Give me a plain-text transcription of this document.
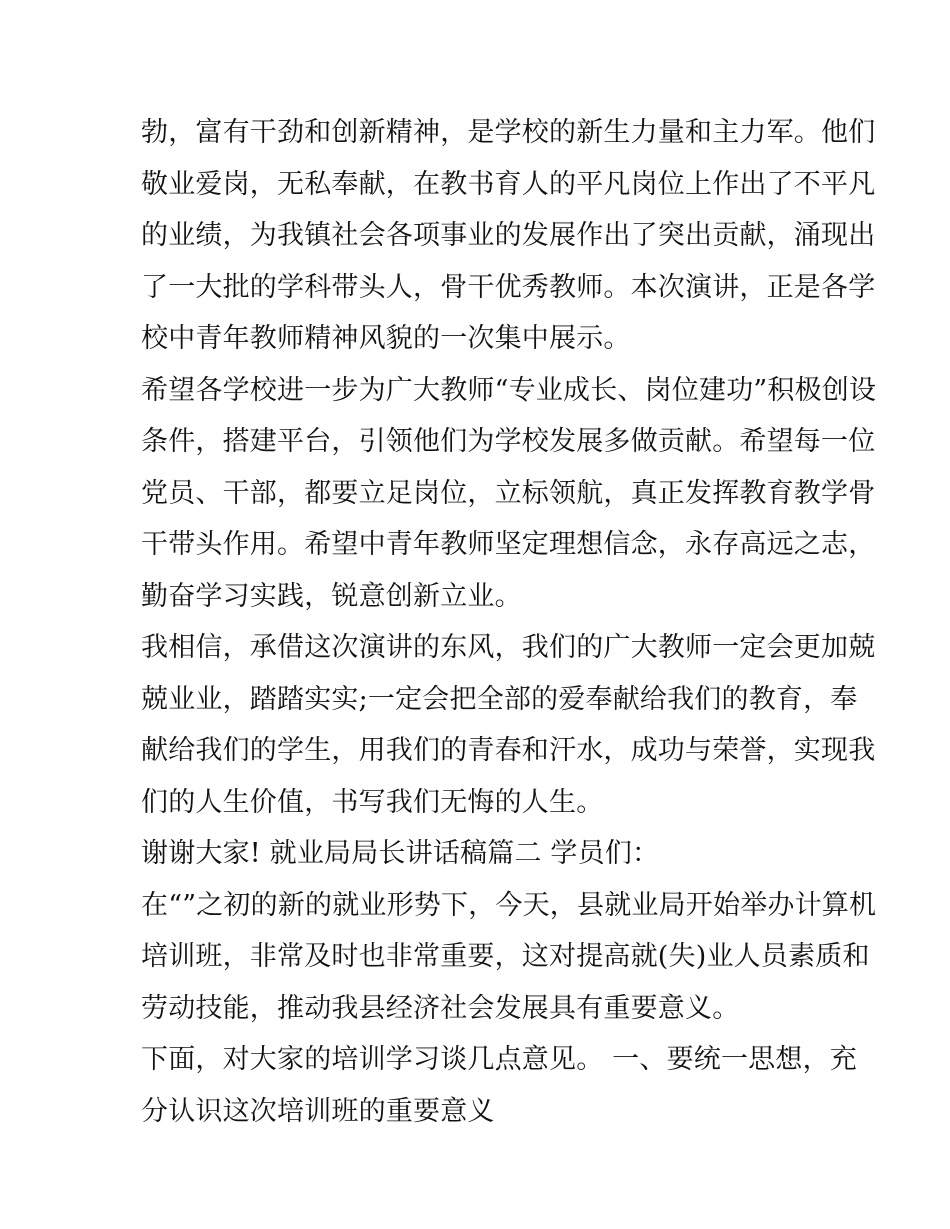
勃，富有干劲和创新精神，是学校的新生力量和主力军。他们
敬业爱岗，无私奉献，在教书育人的平凡岗位上作出了不平凡
的业绩，为我镇社会各项事业的发展作出了突出贡献，涌现出
了一大批的学科带头人，骨干优秀教师。本次演讲，正是各学
校中青年教师精神风貌的一次集中展示。
希望各学校进一步为广大教师“专业成长、岗位建功”积极创设
条件，搭建平台，引领他们为学校发展多做贡献。希望每一位
党员、干部，都要立足岗位，立标领航，真正发挥教育教学骨
干带头作用。希望中青年教师坚定理想信念，永存高远之志，
勤奋学习实践，锐意创新立业。
我相信，承借这次演讲的东风，我们的广大教师一定会更加兢
兢业业，踏踏实实;一定会把全部的爱奉献给我们的教育，奉
献给我们的学生，用我们的青春和汗水，成功与荣誉，实现我
们的人生价值，书写我们无悔的人生。
谢谢大家! 就业局局长讲话稿篇二 学员们：
在“”之初的新的就业形势下，今天，县就业局开始举办计算机
培训班，非常及时也非常重要，这对提高就(失)业人员素质和
劳动技能，推动我县经济社会发展具有重要意义。
下面，对大家的培训学习谈几点意见。 一、要统一思想，充
分认识这次培训班的重要意义
